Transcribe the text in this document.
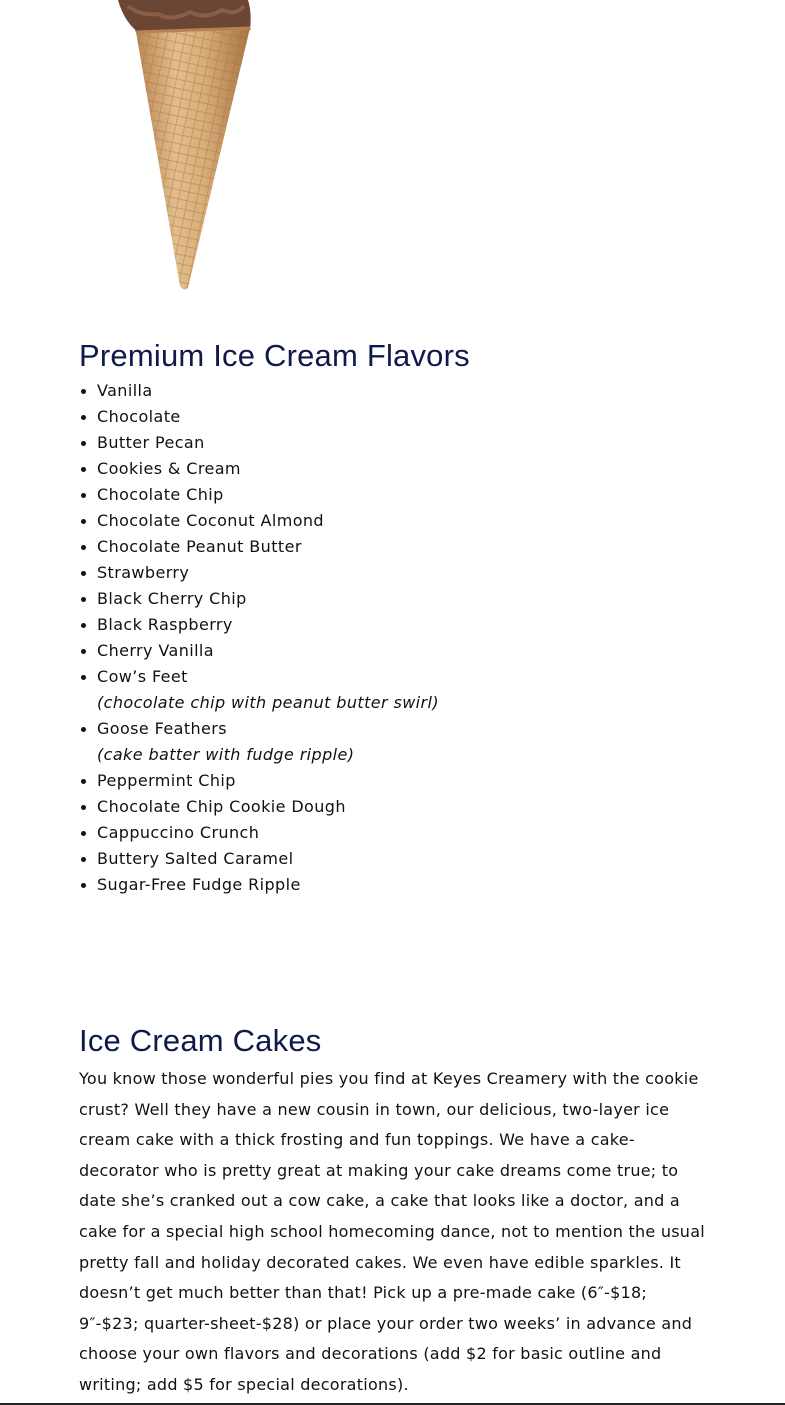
Premium Ice Cream Flavors
Vanilla
Chocolate
Butter Pecan
Cookies & Cream
Chocolate Chip
Chocolate Coconut Almond
Chocolate Peanut Butter
Strawberry
Black Cherry Chip
Black Raspberry
Cherry Vanilla
Cow’s Feet
(chocolate chip with peanut butter swirl)
Goose Feathers
(cake batter with fudge ripple)
Peppermint Chip
Chocolate Chip Cookie Dough
Cappuccino Crunch
Buttery Salted Caramel
Sugar-Free Fudge Ripple
Ice Cream Cakes

You know those wonderful pies you find at Keyes Creamery with the cookie crust? Well they have a new cousin in town, our delicious, two-layer ice cream cake with a thick frosting and fun toppings. We have a cake-decorator who is pretty great at making your cake dreams come true; to date she’s cranked out a cow cake, a cake that looks like a doctor, and a cake for a special high school homecoming dance, not to mention the usual pretty fall and holiday decorated cakes. We even have edible sparkles. It doesn’t get much better than that! Pick up a pre-made cake (6″-$18; 9″-$23; quarter-sheet-$28) or place your order two weeks’ in advance and choose your own flavors and decorations (add $2 for basic outline and writing; add $5 for special decorations).
